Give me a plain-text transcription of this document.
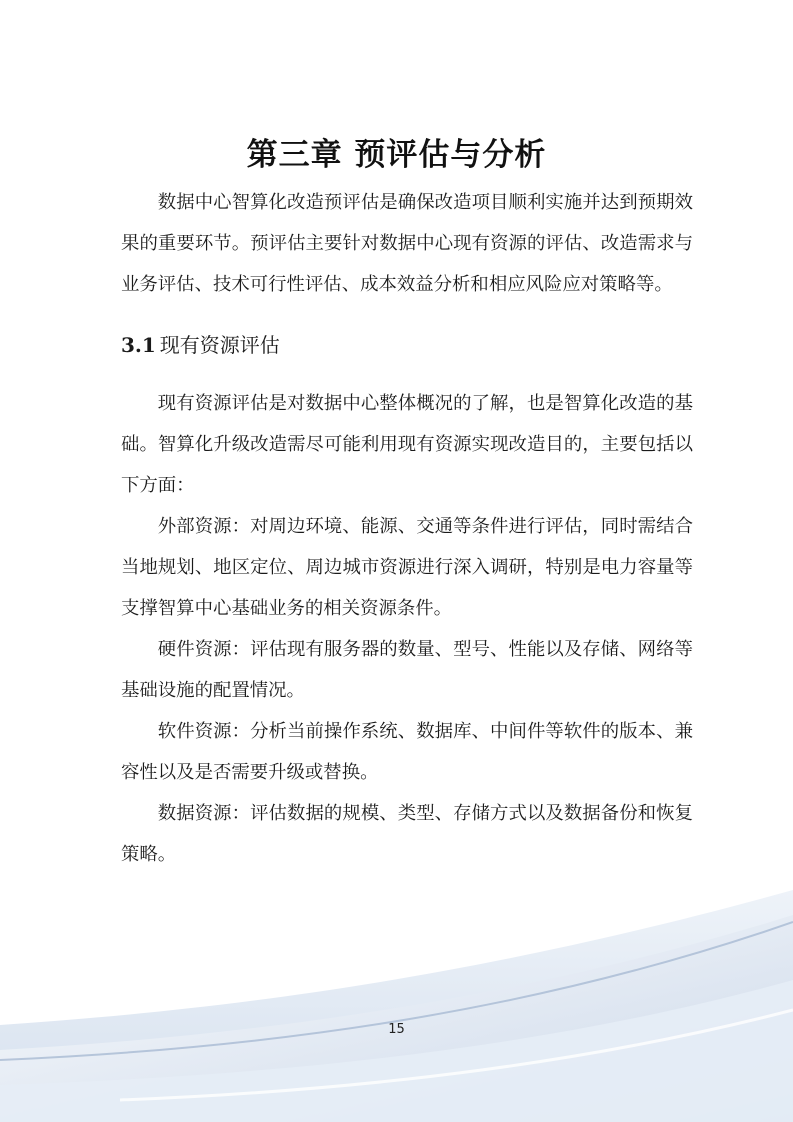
第三章 预评估与分析

数据中心智算化改造预评估是确保改造项目顺利实施并达到预期效果的重要环节。预评估主要针对数据中心现有资源的评估、改造需求与业务评估、技术可行性评估、成本效益分析和相应风险应对策略等。

3.1 现有资源评估

现有资源评估是对数据中心整体概况的了解，也是智算化改造的基础。智算化升级改造需尽可能利用现有资源实现改造目的，主要包括以下方面：

外部资源：对周边环境、能源、交通等条件进行评估，同时需结合当地规划、地区定位、周边城市资源进行深入调研，特别是电力容量等支撑智算中心基础业务的相关资源条件。

硬件资源：评估现有服务器的数量、型号、性能以及存储、网络等基础设施的配置情况。

软件资源：分析当前操作系统、数据库、中间件等软件的版本、兼容性以及是否需要升级或替换。

数据资源：评估数据的规模、类型、存储方式以及数据备份和恢复策略。

15
